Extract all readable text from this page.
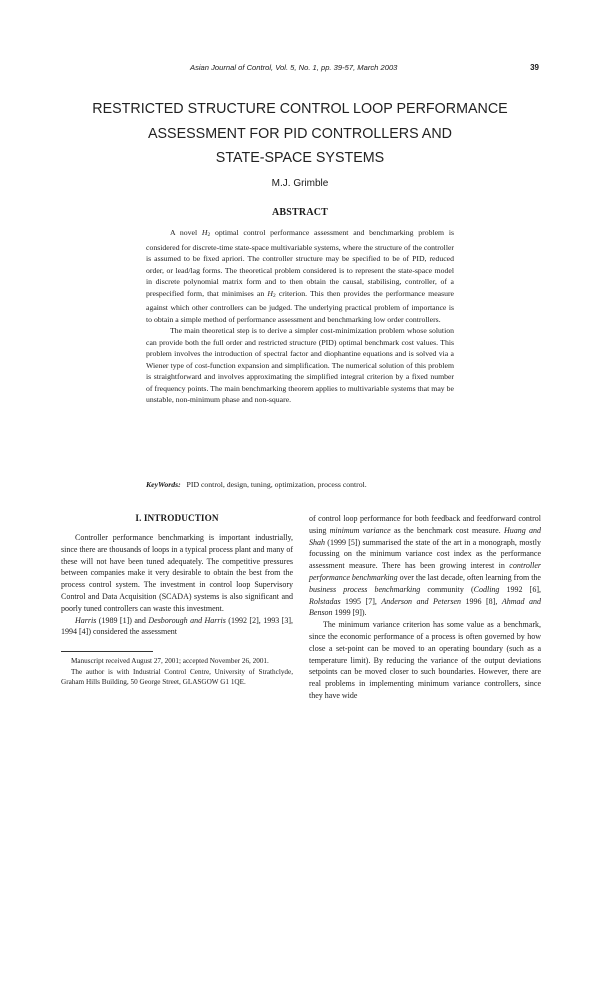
Asian Journal of Control, Vol. 5, No. 1, pp. 39-57, March 2003	39
RESTRICTED STRUCTURE CONTROL LOOP PERFORMANCE
ASSESSMENT FOR PID CONTROLLERS AND
STATE-SPACE SYSTEMS
M.J. Grimble
ABSTRACT

A novel $H_2$ optimal control performance assessment and benchmarking problem is considered for discrete-time state-space multivariable systems, where the structure of the controller is assumed to be fixed apriori. The controller structure may be specified to be of PID, reduced order, or lead/lag forms. The theoretical problem considered is to represent the state-space model in discrete polynomial matrix form and to then obtain the causal, stabilising, controller, of a prespecified form, that minimises an $H_2$ criterion. This then provides the performance measure against which other controllers can be judged. The underlying practical problem of importance is to obtain a simple method of performance assessment and benchmarking low order controllers.

The main theoretical step is to derive a simpler cost-minimization problem whose solution can provide both the full order and restricted structure (PID) optimal benchmark cost values. This problem involves the introduction of spectral factor and diophantine equations and is solved via a Wiener type of cost-function expansion and simplification. The numerical solution of this problem is straightforward and involves approximating the simplified integral criterion by a fixed number of frequency points. The main benchmarking theorem applies to multivariable systems that may be unstable, non-minimum phase and non-square.

KeyWords: PID control, design, tuning, optimization, process control.
I. INTRODUCTION

Controller performance benchmarking is important industrially, since there are thousands of loops in a typical process plant and many of these will not have been tuned adequately. The competitive pressures between companies make it very desirable to obtain the best from the process control system. The investment in control loop Supervisory Control and Data Acquisition (SCADA) systems is also significant and poorly tuned controllers can waste this investment.

Harris (1989 [1]) and Desborough and Harris (1992 [2], 1993 [3], 1994 [4]) considered the assessment

Manuscript received August 27, 2001; accepted November 26, 2001.

The author is with Industrial Control Centre, University of Strathclyde, Graham Hills Building, 50 George Street, GLASGOW G1 1QE.

of control loop performance for both feedback and feedforward control using minimum variance as the benchmark cost measure. Huang and Shah (1999 [5]) summarised the state of the art in a monograph, mostly focussing on the minimum variance cost index as the performance assessment measure. There has been growing interest in controller performance benchmarking over the last decade, often learning from the business process benchmarking community (Codling 1992 [6], Rolstadas 1995 [7], Anderson and Petersen 1996 [8], Ahmad and Benson 1999 [9]).

The minimum variance criterion has some value as a benchmark, since the economic performance of a process is often governed by how close a set-point can be moved to an operating boundary (such as a temperature limit). By reducing the variance of the output deviations setpoints can be moved closer to such boundaries. However, there are real problems in implementing minimum variance controllers, since they have wide
